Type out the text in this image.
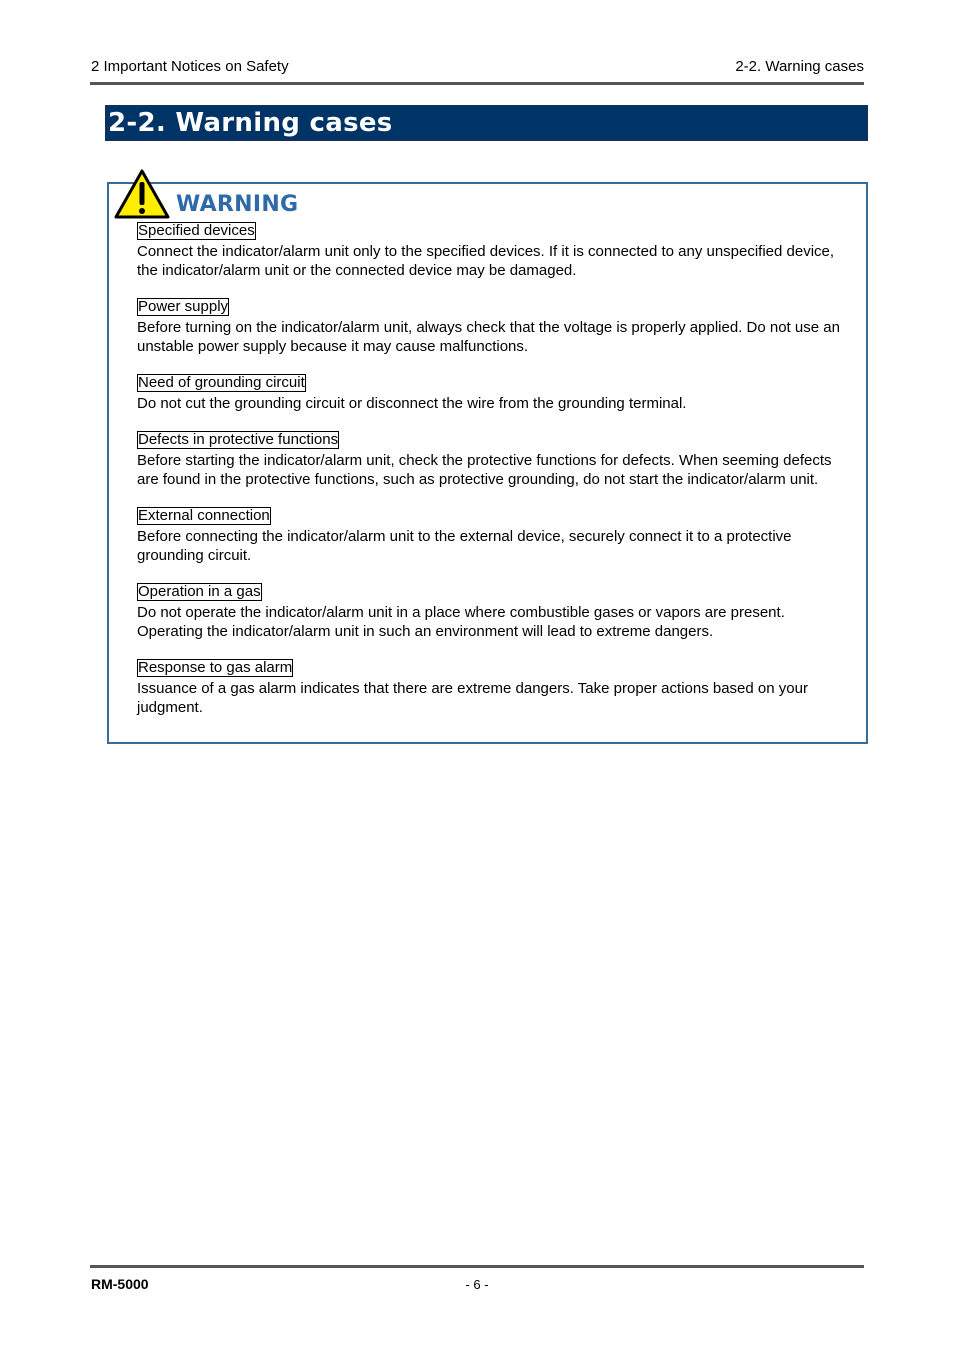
2 Important Notices on Safety	2-2. Warning cases
2-2. Warning cases
WARNING
Specified devices
Connect the indicator/alarm unit only to the specified devices. If it is connected to any unspecified device, the indicator/alarm unit or the connected device may be damaged.
Power supply
Before turning on the indicator/alarm unit, always check that the voltage is properly applied. Do not use an unstable power supply because it may cause malfunctions.
Need of grounding circuit
Do not cut the grounding circuit or disconnect the wire from the grounding terminal.
Defects in protective functions
Before starting the indicator/alarm unit, check the protective functions for defects. When seeming defects are found in the protective functions, such as protective grounding, do not start the indicator/alarm unit.
External connection
Before connecting the indicator/alarm unit to the external device, securely connect it to a protective grounding circuit.
Operation in a gas
Do not operate the indicator/alarm unit in a place where combustible gases or vapors are present. Operating the indicator/alarm unit in such an environment will lead to extreme dangers.
Response to gas alarm
Issuance of a gas alarm indicates that there are extreme dangers. Take proper actions based on your judgment.
RM-5000	- 6 -
